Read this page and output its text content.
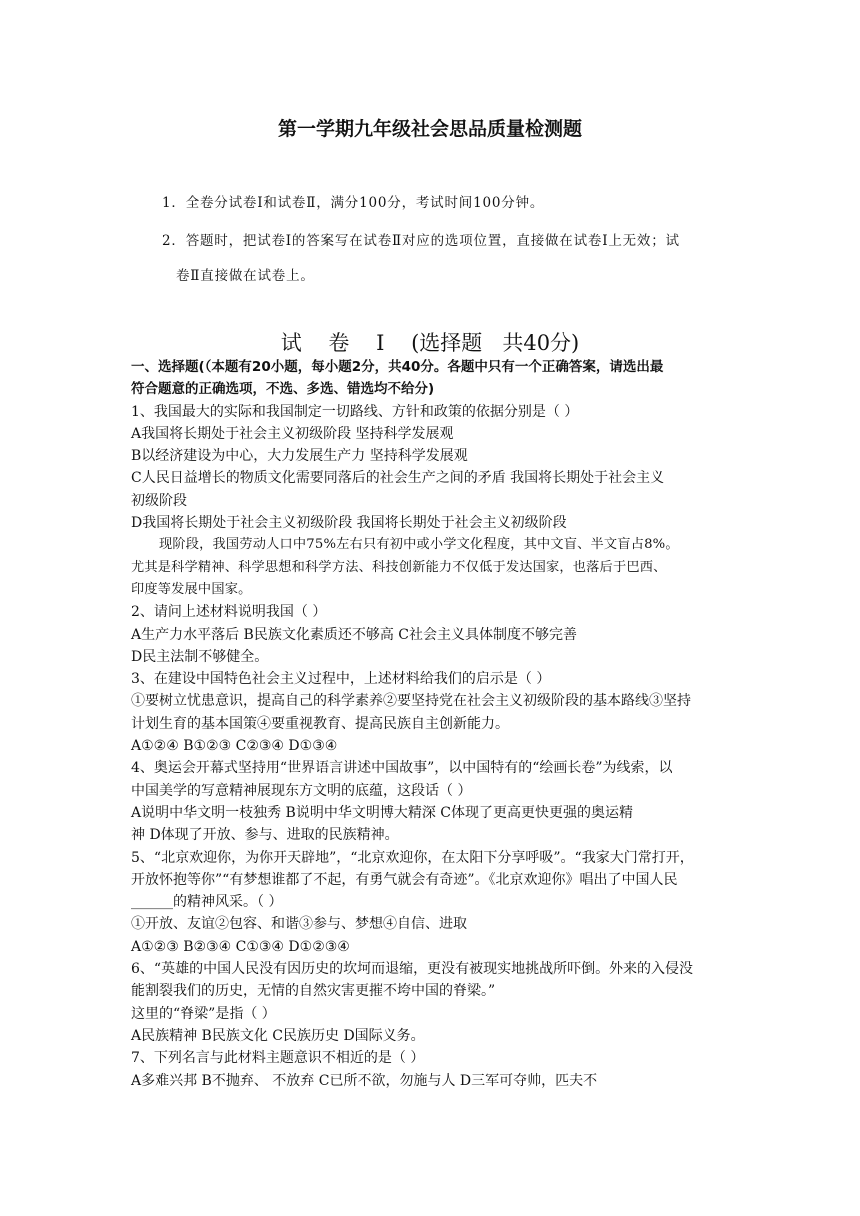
第一学期九年级社会思品质量检测题
1．全卷分试卷Ⅰ和试卷Ⅱ，满分100分，考试时间100分钟。
2．答题时，把试卷Ⅰ的答案写在试卷Ⅱ对应的选项位置，直接做在试卷Ⅰ上无效；试
卷Ⅱ直接做在试卷上。
试    卷    Ⅰ    (选择题   共40分)
一、选择题(（本题有20小题，每小题2分，共40分。各题中只有一个正确答案，请选出最
符合题意的正确选项，不选、多选、错选均不给分)
1、我国最大的实际和我国制定一切路线、方针和政策的依据分别是（ ）
A我国将长期处于社会主义初级阶段 坚持科学发展观
B以经济建设为中心，大力发展生产力 坚持科学发展观
C人民日益增长的物质文化需要同落后的社会生产之间的矛盾 我国将长期处于社会主义
初级阶段
D我国将长期处于社会主义初级阶段 我国将长期处于社会主义初级阶段
现阶段，我国劳动人口中75%左右只有初中或小学文化程度，其中文盲、半文盲占8%。
尤其是科学精神、科学思想和科学方法、科技创新能力不仅低于发达国家，也落后于巴西、
印度等发展中国家。
2、请问上述材料说明我国（ ）
A生产力水平落后 B民族文化素质还不够高 C社会主义具体制度不够完善
D民主法制不够健全。
3、在建设中国特色社会主义过程中，上述材料给我们的启示是（ ）
①要树立忧患意识，提高自己的科学素养②要坚持党在社会主义初级阶段的基本路线③坚持
计划生育的基本国策④要重视教育、提高民族自主创新能力。
A①②④ B①②③ C②③④ D①③④
4、奥运会开幕式坚持用“世界语言讲述中国故事”，以中国特有的“绘画长卷”为线索，以
中国美学的写意精神展现东方文明的底蕴，这段话（ ）
A说明中华文明一枝独秀 B说明中华文明博大精深 C体现了更高更快更强的奥运精
神 D体现了开放、参与、进取的民族精神。
5、“北京欢迎你，为你开天辟地”，“北京欢迎你，在太阳下分享呼吸”。“我家大门常打开，
开放怀抱等你”“有梦想谁都了不起，有勇气就会有奇迹”。《北京欢迎你》唱出了中国人民
______的精神风采。（ ）
①开放、友谊②包容、和谐③参与、梦想④自信、进取
A①②③ B②③④ C①③④ D①②③④
6、“英雄的中国人民没有因历史的坎坷而退缩，更没有被现实地挑战所吓倒。外来的入侵没
能割裂我们的历史，无情的自然灾害更摧不垮中国的脊梁。”
这里的“脊梁”是指（ ）
A民族精神 B民族文化 C民族历史 D国际义务。
7、下列名言与此材料主题意识不相近的是（ ）
A多难兴邦 B不抛弃、 不放弃 C已所不欲，勿施与人 D三军可夺帅，匹夫不
